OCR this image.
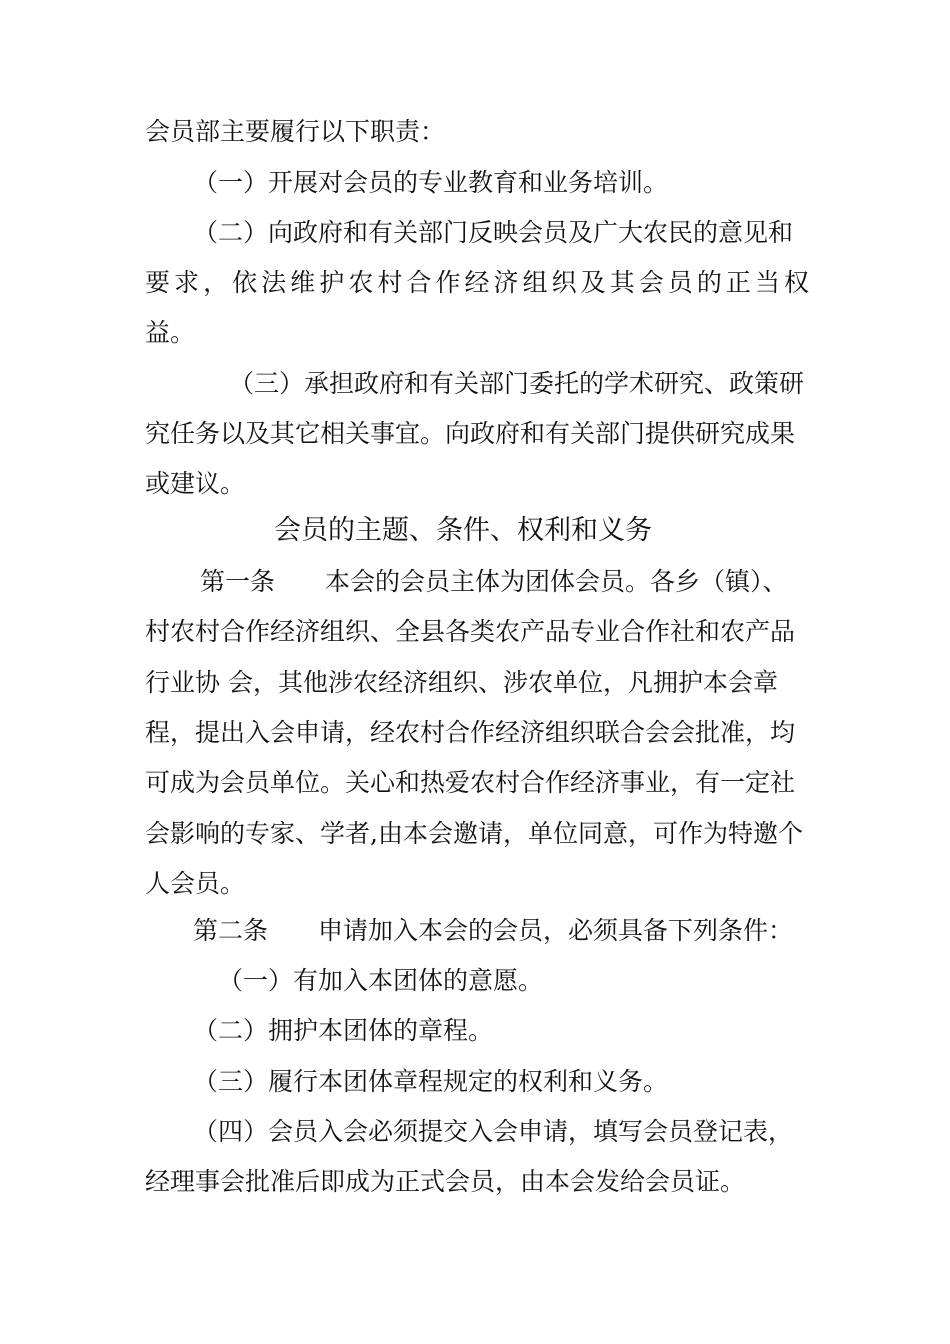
会员部主要履行以下职责：
（一）开展对会员的专业教育和业务培训。
（二）向政府和有关部门反映会员及广大农民的意见和
要求，依法维护农村合作经济组织及其会员的正当权
益。
（三）承担政府和有关部门委托的学术研究、政策研
究任务以及其它相关事宜。向政府和有关部门提供研究成果
或建议。
会员的主题、条件、权利和义务
第一条　　本会的会员主体为团体会员。各乡（镇）、
村农村合作经济组织、全县各类农产品专业合作社和农产品
行业协 会，其他涉农经济组织、涉农单位，凡拥护本会章
程，提出入会申请，经农村合作经济组织联合会会批准，均
可成为会员单位。关心和热爱农村合作经济事业，有一定社
会影响的专家、学者,由本会邀请，单位同意，可作为特邀个
人会员。
第二条　　申请加入本会的会员，必须具备下列条件：
（一）有加入本团体的意愿。
（二）拥护本团体的章程。
（三）履行本团体章程规定的权利和义务。
（四）会员入会必须提交入会申请，填写会员登记表，
经理事会批准后即成为正式会员，由本会发给会员证。
